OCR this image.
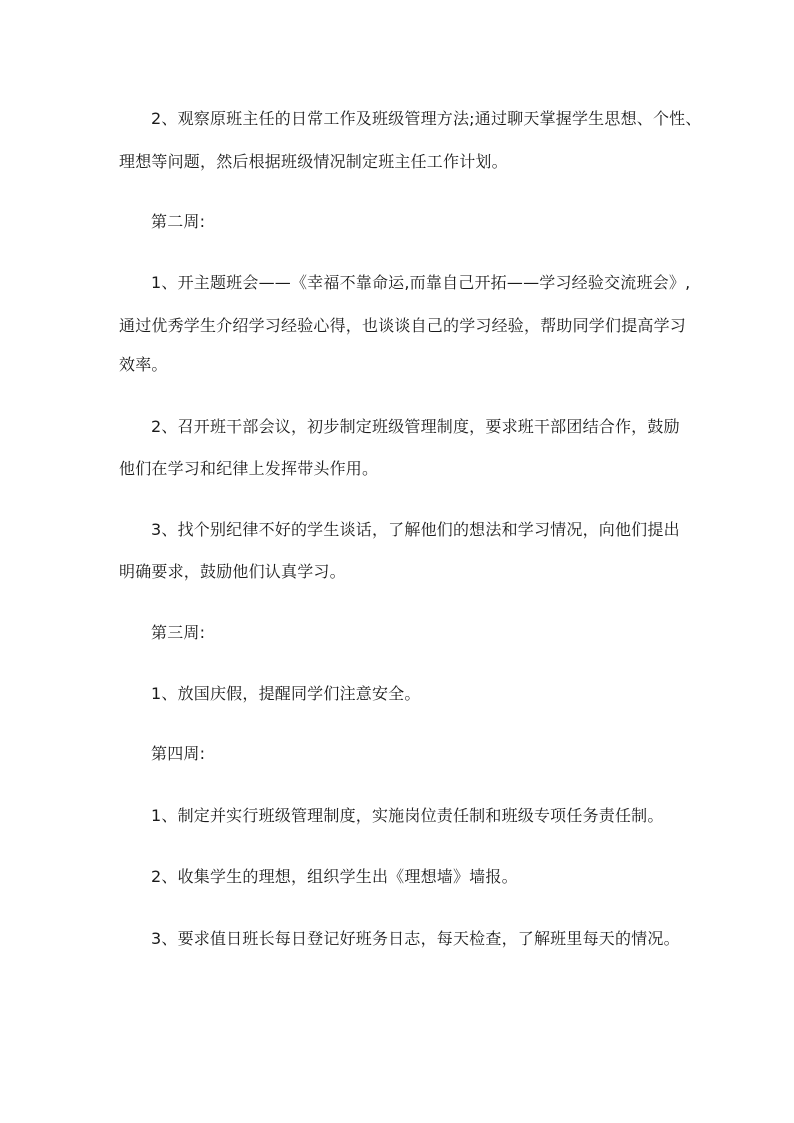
2、观察原班主任的日常工作及班级管理方法;通过聊天掌握学生思想、个性、
理想等问题，然后根据班级情况制定班主任工作计划。
第二周:
1、开主题班会——《幸福不靠命运,而靠自己开拓——学习经验交流班会》,
通过优秀学生介绍学习经验心得，也谈谈自己的学习经验，帮助同学们提高学习
效率。
2、召开班干部会议，初步制定班级管理制度，要求班干部团结合作，鼓励
他们在学习和纪律上发挥带头作用。
3、找个别纪律不好的学生谈话，了解他们的想法和学习情况，向他们提出
明确要求，鼓励他们认真学习。
第三周:
1、放国庆假，提醒同学们注意安全。
第四周:
1、制定并实行班级管理制度，实施岗位责任制和班级专项任务责任制。
2、收集学生的理想，组织学生出《理想墙》墙报。
3、要求值日班长每日登记好班务日志，每天检查，了解班里每天的情况。
